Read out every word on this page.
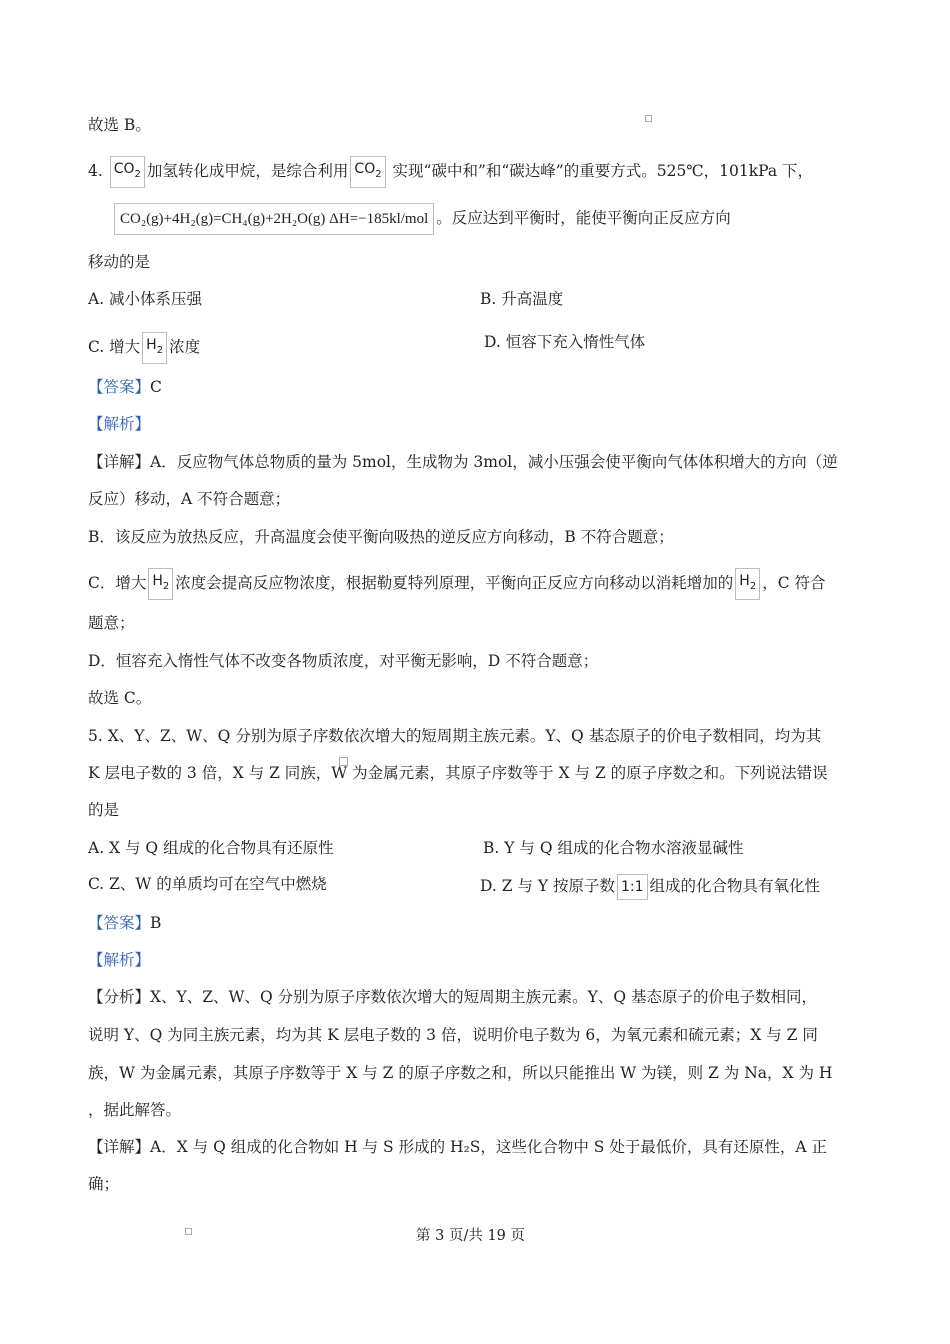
故选 B。
4. $CO_2$ 加氢转化成甲烷，是综合利用 $CO_2$ 实现“碳中和”和“碳达峰”的重要方式。525℃，101kPa 下，
CO₂(g)+4H₂(g)=CH₄(g)+2H₂O(g) ΔH=−185kl/mol 。反应达到平衡时，能使平衡向正反应方向
移动的是
A. 减小体系压强	B. 升高温度
C. 增大 $H_2$ 浓度	D. 恒容下充入惰性气体
【答案】C
【解析】
【详解】A．反应物气体总物质的量为 5mol，生成物为 3mol，减小压强会使平衡向气体体积增大的方向（逆
反应）移动，A 不符合题意；
B．该反应为放热反应，升高温度会使平衡向吸热的逆反应方向移动，B 不符合题意；
C．增大 $H_2$ 浓度会提高反应物浓度，根据勒夏特列原理，平衡向正反应方向移动以消耗增加的 $H_2$ ，C 符合
题意；
D．恒容充入惰性气体不改变各物质浓度，对平衡无影响，D 不符合题意；
故选 C。
5. X、Y、Z、W、Q 分别为原子序数依次增大的短周期主族元素。Y、Q 基态原子的价电子数相同，均为其
K 层电子数的 3 倍，X 与 Z 同族，W 为金属元素，其原子序数等于 X 与 Z 的原子序数之和。下列说法错误
的是
A. X 与 Q 组成的化合物具有还原性	B. Y 与 Q 组成的化合物水溶液显碱性
C. Z、W 的单质均可在空气中燃烧	D. Z 与 Y 按原子数 1:1 组成的化合物具有氧化性
【答案】B
【解析】
【分析】X、Y、Z、W、Q 分别为原子序数依次增大的短周期主族元素。Y、Q 基态原子的价电子数相同，
说明 Y、Q 为同主族元素，均为其 K 层电子数的 3 倍，说明价电子数为 6，为氧元素和硫元素；X 与 Z 同
族，W 为金属元素，其原子序数等于 X 与 Z 的原子序数之和，所以只能推出 W 为镁，则 Z 为 Na，X 为 H
，据此解答。
【详解】A．X 与 Q 组成的化合物如 H 与 S 形成的 H₂S，这些化合物中 S 处于最低价，具有还原性，A 正
确；
第 3 页/共 19 页
